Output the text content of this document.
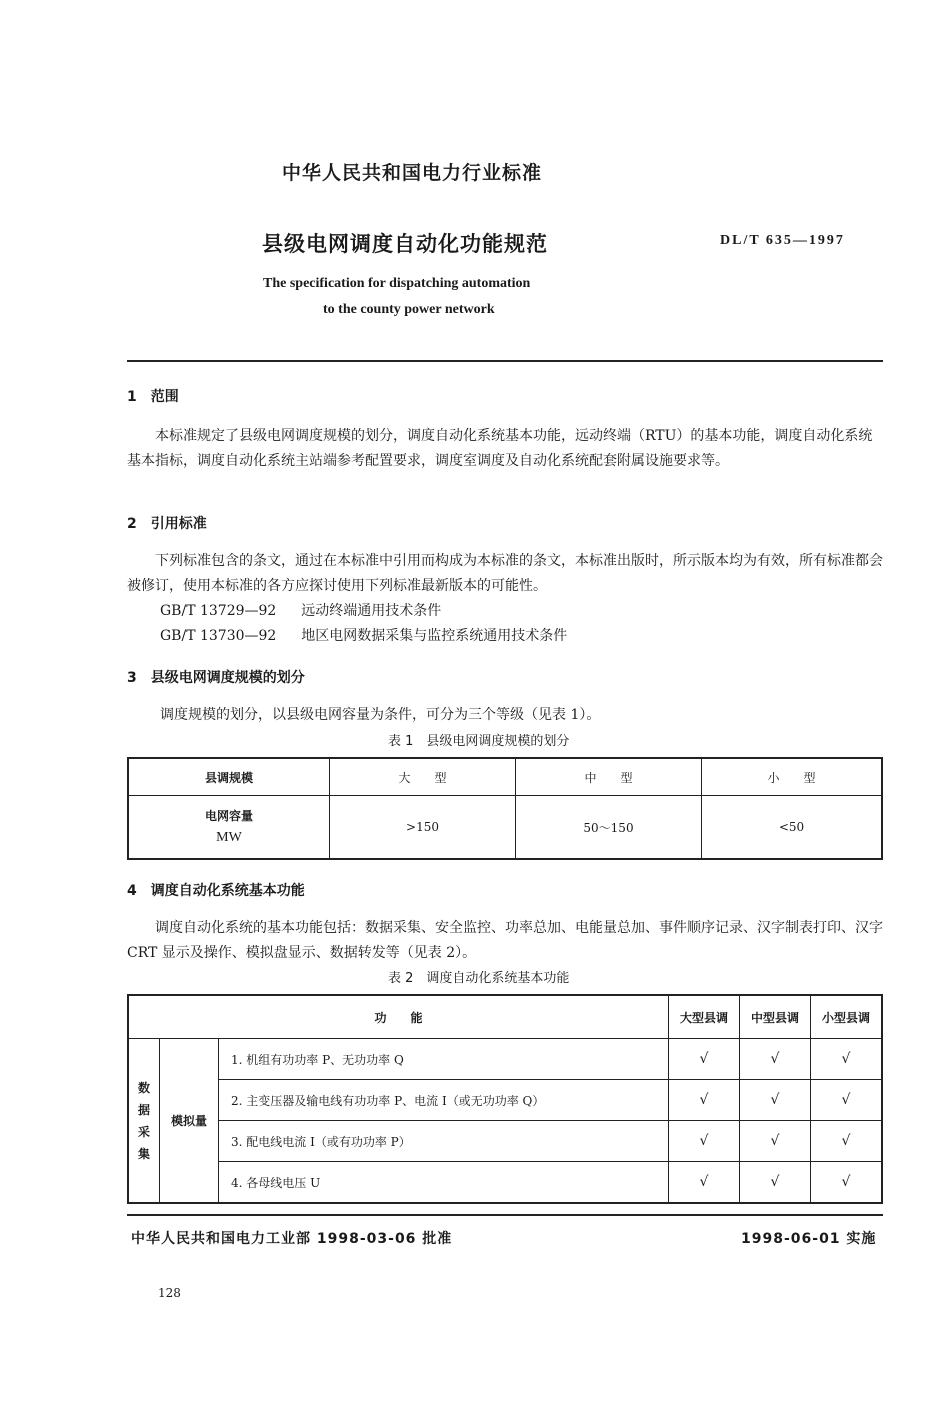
中华人民共和国电力行业标准
县级电网调度自动化功能规范	DL/T 635—1997
The specification for dispatching automation
to the county power network
1　范围
本标准规定了县级电网调度规模的划分，调度自动化系统基本功能，远动终端（RTU）的基本功能，调度自动化系统基本指标，调度自动化系统主站端参考配置要求，调度室调度及自动化系统配套附属设施要求等。
2　引用标准
下列标准包含的条文，通过在本标准中引用而构成为本标准的条文，本标准出版时，所示版本均为有效，所有标准都会被修订，使用本标准的各方应探讨使用下列标准最新版本的可能性。
GB/T 13729—92 远动终端通用技术条件
GB/T 13730—92 地区电网数据采集与监控系统通用技术条件
3　县级电网调度规模的划分
调度规模的划分，以县级电网容量为条件，可分为三个等级（见表 1）。
表 1　县级电网调度规模的划分
县调规模	大　　型	中　　型	小　　型

电网容量
MW	>150	50～150	<50
4　调度自动化系统基本功能
调度自动化系统的基本功能包括：数据采集、安全监控、功率总加、电能量总加、事件顺序记录、汉字制表打印、汉字 CRT 显示及操作、模拟盘显示、数据转发等（见表 2）。
表 2　调度自动化系统基本功能
功　　能			大型县调	中型县调	小型县调

数据采集	模拟量	1. 机组有功功率 P、无功功率 Q	√	√	√
		2. 主变压器及输电线有功功率 P、电流 I（或无功功率 Q）	√	√	√
		3. 配电线电流 I（或有功功率 P）	√	√	√
		4. 各母线电压 U	√	√	√
中华人民共和国电力工业部 1998-03-06 批准	1998-06-01 实施
128
